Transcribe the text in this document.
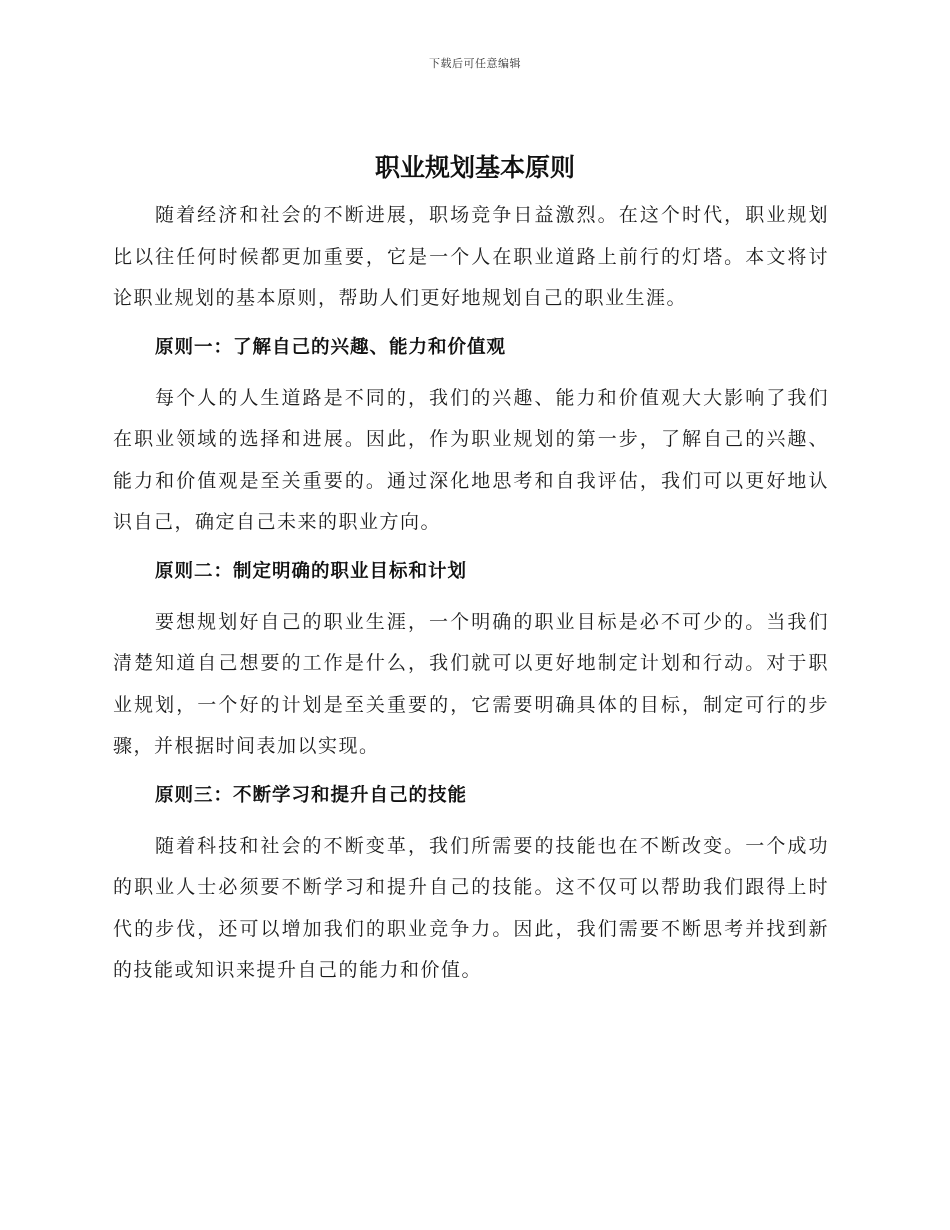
下载后可任意编辑
职业规划基本原则

随着经济和社会的不断进展，职场竞争日益激烈。在这个时代，职业规划比以往任何时候都更加重要，它是一个人在职业道路上前行的灯塔。本文将讨论职业规划的基本原则，帮助人们更好地规划自己的职业生涯。

原则一：了解自己的兴趣、能力和价值观

每个人的人生道路是不同的，我们的兴趣、能力和价值观大大影响了我们在职业领域的选择和进展。因此，作为职业规划的第一步，了解自己的兴趣、能力和价值观是至关重要的。通过深化地思考和自我评估，我们可以更好地认识自己，确定自己未来的职业方向。

原则二：制定明确的职业目标和计划

要想规划好自己的职业生涯，一个明确的职业目标是必不可少的。当我们清楚知道自己想要的工作是什么，我们就可以更好地制定计划和行动。对于职业规划，一个好的计划是至关重要的，它需要明确具体的目标，制定可行的步骤，并根据时间表加以实现。

原则三：不断学习和提升自己的技能

随着科技和社会的不断变革，我们所需要的技能也在不断改变。一个成功的职业人士必须要不断学习和提升自己的技能。这不仅可以帮助我们跟得上时代的步伐，还可以增加我们的职业竞争力。因此，我们需要不断思考并找到新的技能或知识来提升自己的能力和价值。
